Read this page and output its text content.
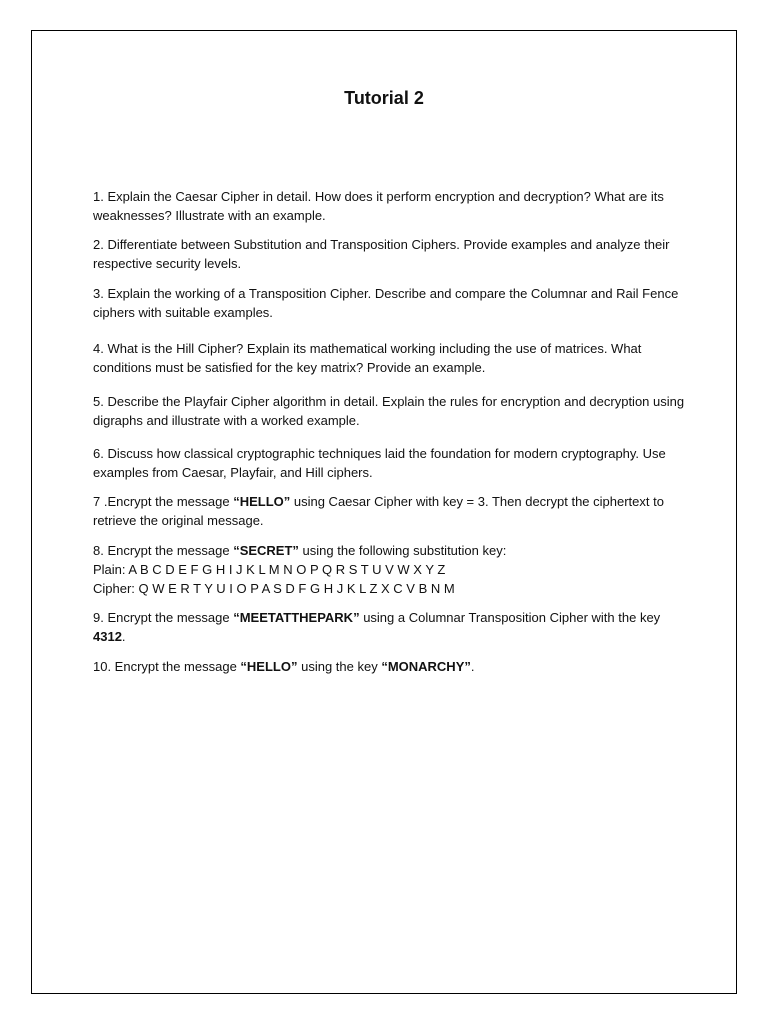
Tutorial 2

1. Explain the Caesar Cipher in detail. How does it perform encryption and decryption? What are its weaknesses? Illustrate with an example.

2. Differentiate between Substitution and Transposition Ciphers. Provide examples and analyze their respective security levels.

3. Explain the working of a Transposition Cipher. Describe and compare the Columnar and Rail Fence ciphers with suitable examples.

4. What is the Hill Cipher? Explain its mathematical working including the use of matrices. What conditions must be satisfied for the key matrix? Provide an example.

5. Describe the Playfair Cipher algorithm in detail. Explain the rules for encryption and decryption using digraphs and illustrate with a worked example.

6. Discuss how classical cryptographic techniques laid the foundation for modern cryptography. Use examples from Caesar, Playfair, and Hill ciphers.

7 .Encrypt the message “HELLO” using Caesar Cipher with key = 3. Then decrypt the ciphertext to retrieve the original message.

8. Encrypt the message “SECRET” using the following substitution key:
Plain: A B C D E F G H I J K L M N O P Q R S T U V W X Y Z
Cipher: Q W E R T Y U I O P A S D F G H J K L Z X C V B N M

9. Encrypt the message “MEETATTHEPARK” using a Columnar Transposition Cipher with the key 4312.

10. Encrypt the message “HELLO” using the key “MONARCHY”.
